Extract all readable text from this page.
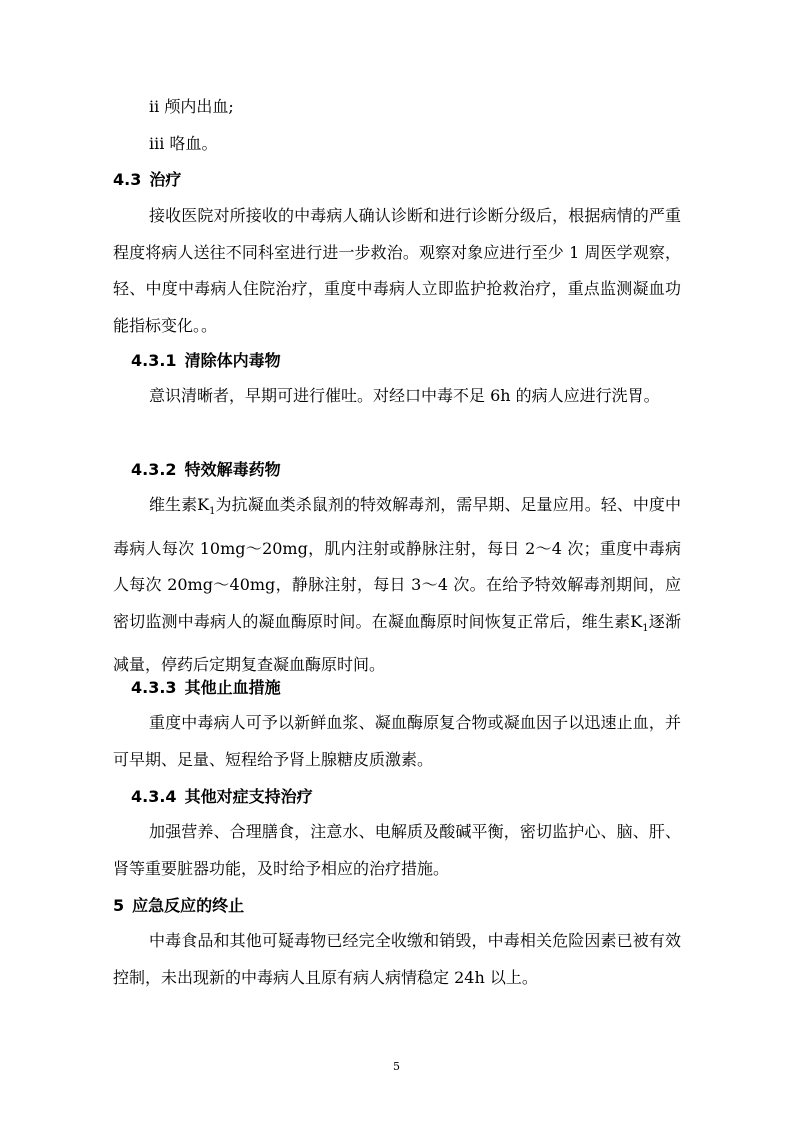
ii 颅内出血;
iii 咯血。
4.3 治疗

接收医院对所接收的中毒病人确认诊断和进行诊断分级后，根据病情的严重程度将病人送往不同科室进行进一步救治。观察对象应进行至少 1 周医学观察，轻、中度中毒病人住院治疗，重度中毒病人立即监护抢救治疗，重点监测凝血功能指标变化。。

4.3.1 清除体内毒物

意识清晰者，早期可进行催吐。对经口中毒不足 6h 的病人应进行洗胃。

4.3.2 特效解毒药物

维生素$K_1$为抗凝血类杀鼠剂的特效解毒剂，需早期、足量应用。轻、中度中毒病人每次 10mg～20mg，肌内注射或静脉注射，每日 2～4 次；重度中毒病人每次 20mg～40mg，静脉注射，每日 3～4 次。在给予特效解毒剂期间，应密切监测中毒病人的凝血酶原时间。在凝血酶原时间恢复正常后，维生素$K_1$逐渐减量，停药后定期复查凝血酶原时间。

4.3.3 其他止血措施

重度中毒病人可予以新鲜血浆、凝血酶原复合物或凝血因子以迅速止血，并可早期、足量、短程给予肾上腺糖皮质激素。

4.3.4 其他对症支持治疗

加强营养、合理膳食，注意水、电解质及酸碱平衡，密切监护心、脑、肝、肾等重要脏器功能，及时给予相应的治疗措施。

5 应急反应的终止

中毒食品和其他可疑毒物已经完全收缴和销毁，中毒相关危险因素已被有效控制，未出现新的中毒病人且原有病人病情稳定 24h 以上。

5
